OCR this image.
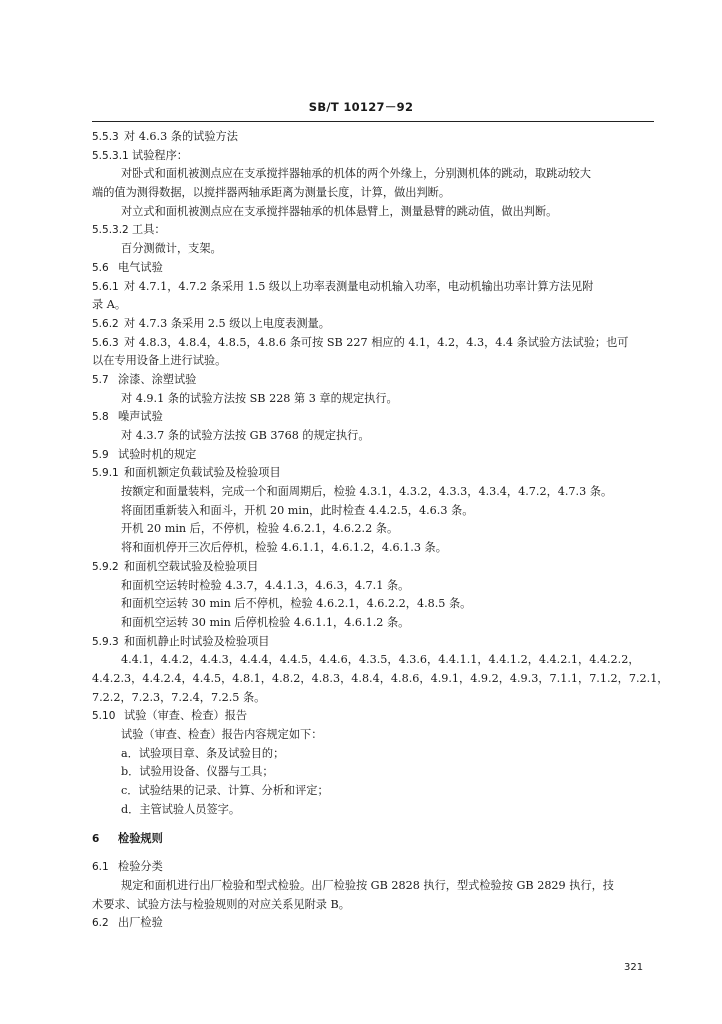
SB/T 10127－92
5.5.3 对 4.6.3 条的试验方法
5.5.3.1 试验程序：
对卧式和面机被测点应在支承搅拌器轴承的机体的两个外缘上，分别测机体的跳动，取跳动较大
端的值为测得数据，以搅拌器两轴承距离为测量长度，计算，做出判断。
对立式和面机被测点应在支承搅拌器轴承的机体悬臂上，测量悬臂的跳动值，做出判断。
5.5.3.2 工具：
百分测微计，支架。
5.6 电气试验
5.6.1 对 4.7.1，4.7.2 条采用 1.5 级以上功率表测量电动机输入功率，电动机输出功率计算方法见附
录 A。
5.6.2 对 4.7.3 条采用 2.5 级以上电度表测量。
5.6.3 对 4.8.3，4.8.4，4.8.5，4.8.6 条可按 SB 227 相应的 4.1，4.2，4.3，4.4 条试验方法试验；也可
以在专用设备上进行试验。
5.7 涂漆、涂塑试验
对 4.9.1 条的试验方法按 SB 228 第 3 章的规定执行。
5.8 噪声试验
对 4.3.7 条的试验方法按 GB 3768 的规定执行。
5.9 试验时机的规定
5.9.1 和面机额定负载试验及检验项目
按额定和面量装料，完成一个和面周期后，检验 4.3.1，4.3.2，4.3.3，4.3.4，4.7.2，4.7.3 条。
将面团重新装入和面斗，开机 20 min，此时检查 4.4.2.5，4.6.3 条。
开机 20 min 后，不停机，检验 4.6.2.1，4.6.2.2 条。
将和面机停开三次后停机，检验 4.6.1.1，4.6.1.2，4.6.1.3 条。
5.9.2 和面机空载试验及检验项目
和面机空运转时检验 4.3.7，4.4.1.3，4.6.3，4.7.1 条。
和面机空运转 30 min 后不停机，检验 4.6.2.1，4.6.2.2，4.8.5 条。
和面机空运转 30 min 后停机检验 4.6.1.1，4.6.1.2 条。
5.9.3 和面机静止时试验及检验项目
4.4.1，4.4.2，4.4.3，4.4.4，4.4.5，4.4.6，4.3.5，4.3.6，4.4.1.1，4.4.1.2，4.4.2.1，4.4.2.2，
4.4.2.3，4.4.2.4，4.4.5，4.8.1，4.8.2，4.8.3，4.8.4，4.8.6，4.9.1，4.9.2，4.9.3，7.1.1，7.1.2，7.2.1，
7.2.2，7.2.3，7.2.4，7.2.5 条。
5.10 试验（审查、检查）报告
试验（审查、检查）报告内容规定如下：
a．试验项目章、条及试验目的；
b．试验用设备、仪器与工具；
c．试验结果的记录、计算、分析和评定；
d．主管试验人员签字。
6 检验规则
6.1 检验分类
规定和面机进行出厂检验和型式检验。出厂检验按 GB 2828 执行，型式检验按 GB 2829 执行，技
术要求、试验方法与检验规则的对应关系见附录 B。
6.2 出厂检验
321
